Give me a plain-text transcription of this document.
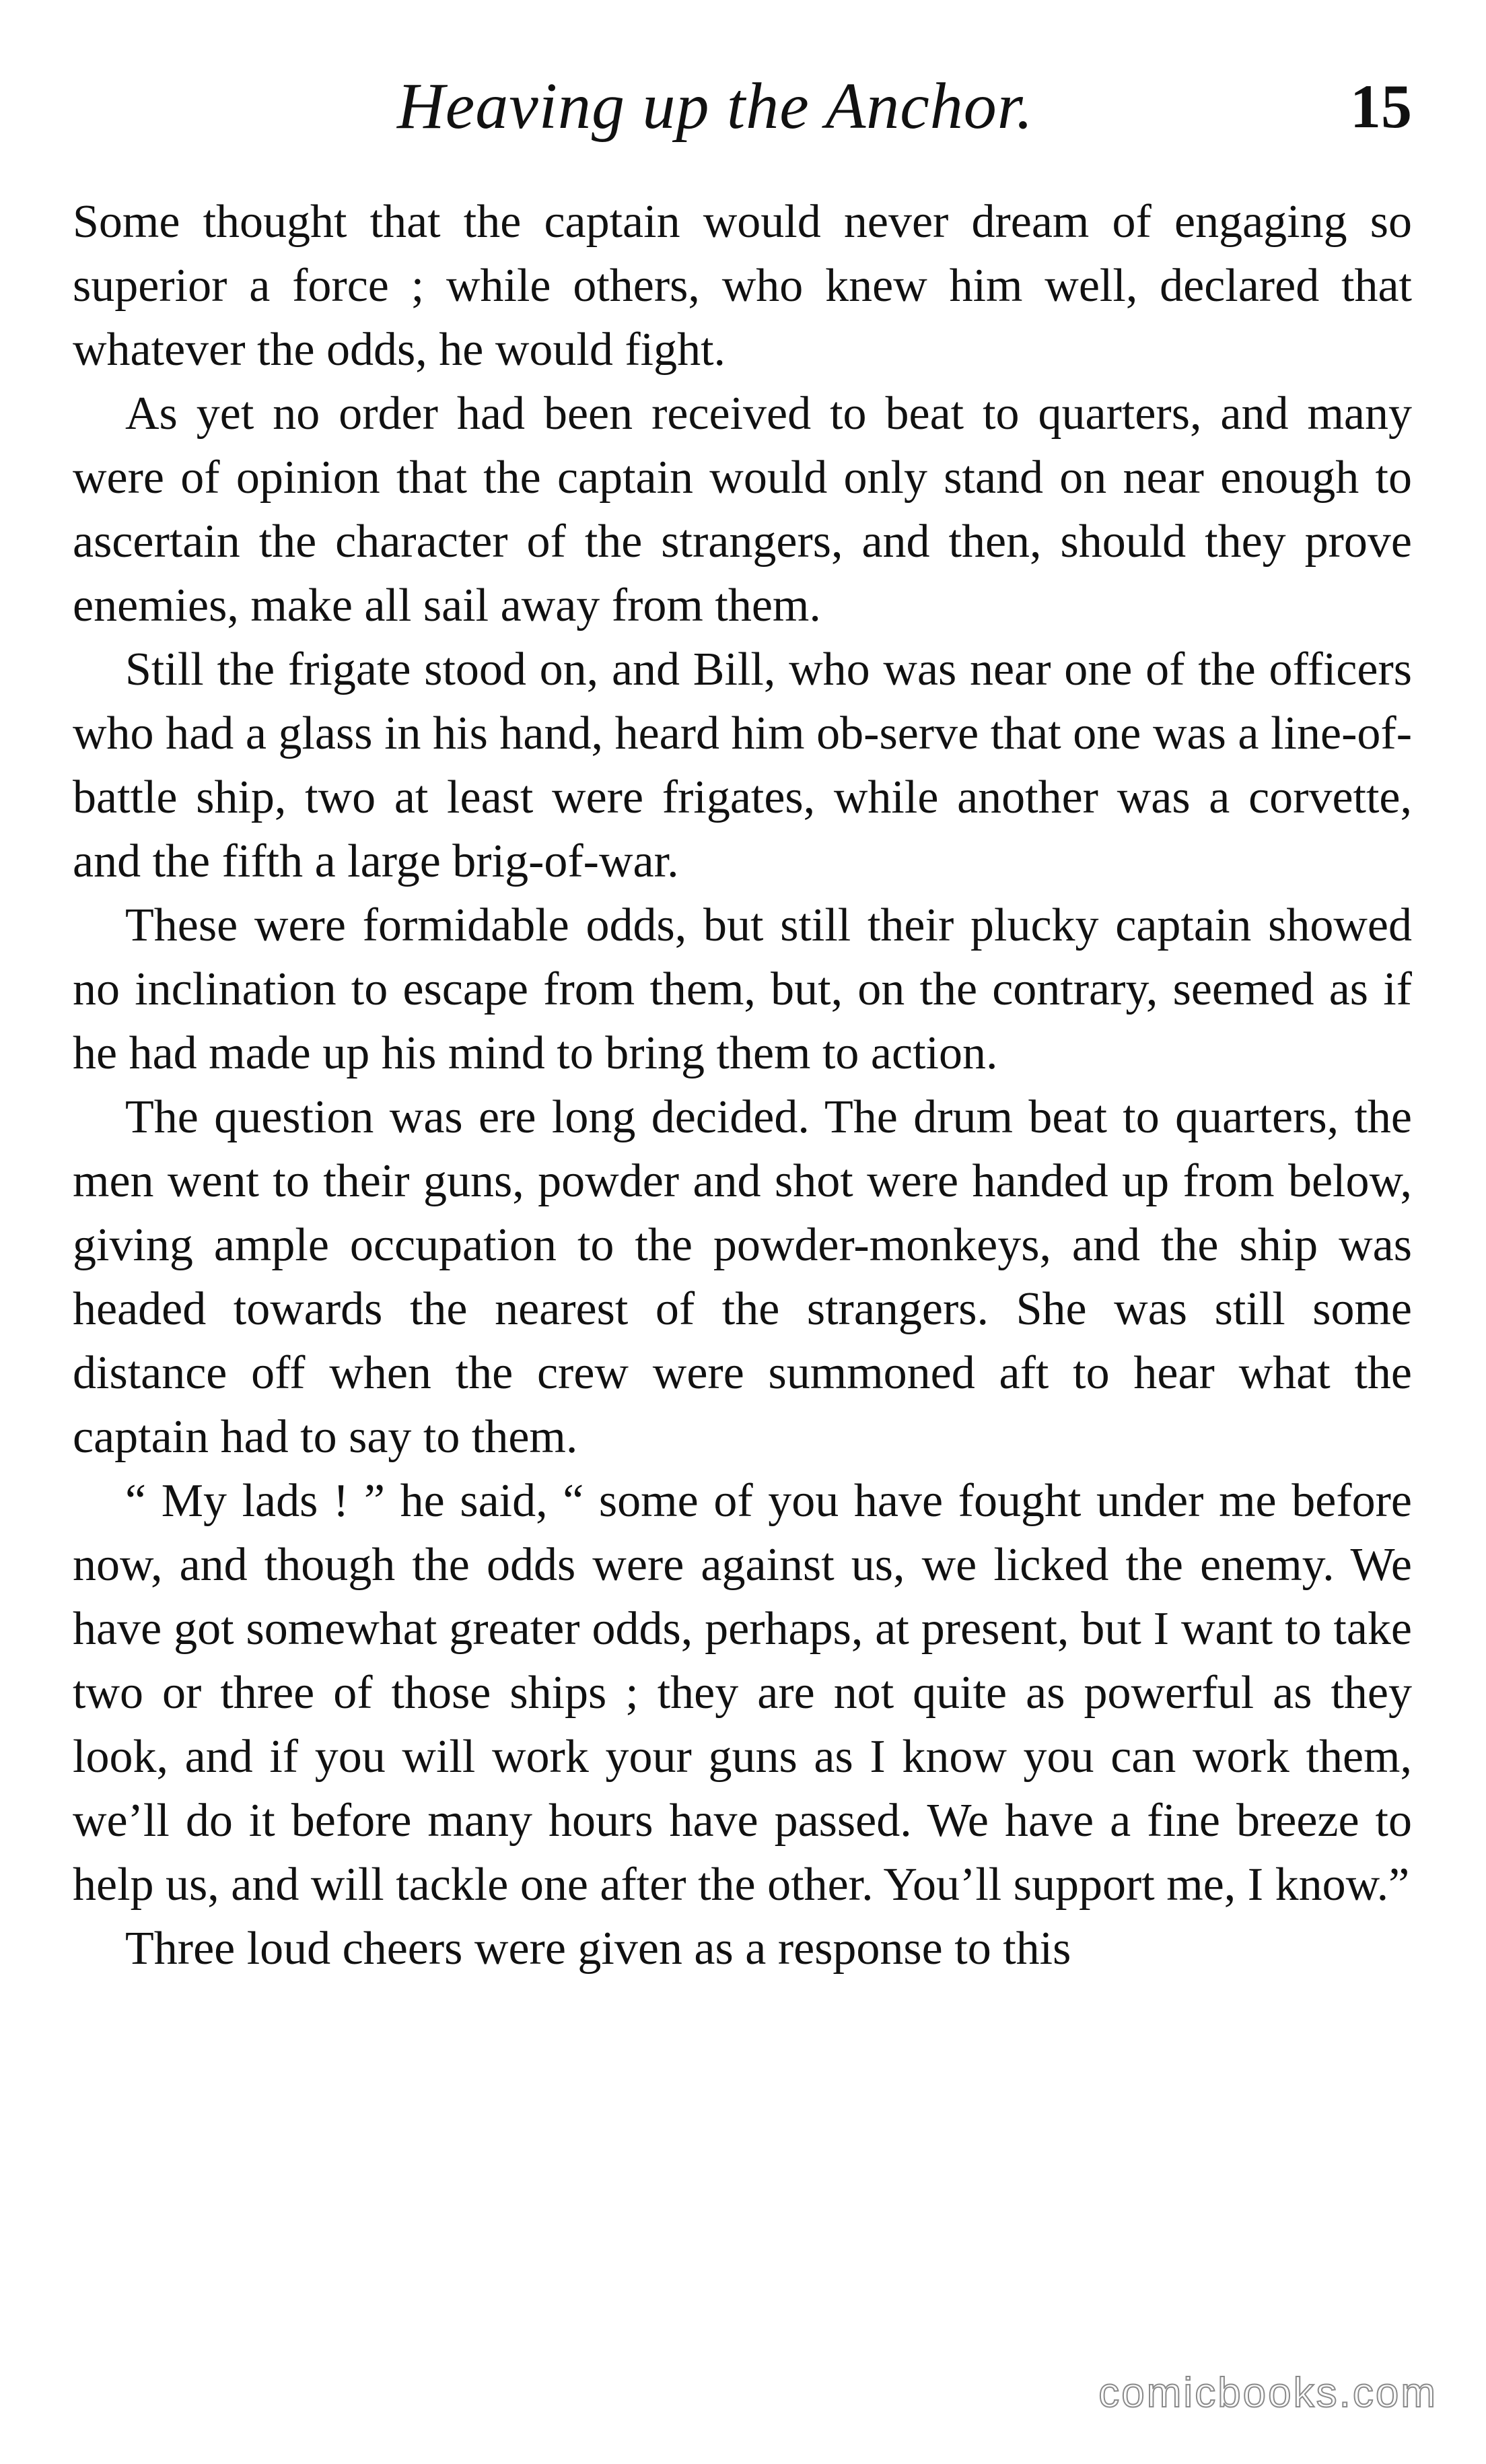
Heaving up the Anchor.	15

Some thought that the captain would never dream of engaging so superior a force ; while others, who knew him well, declared that whatever the odds, he would fight.

As yet no order had been received to beat to quarters, and many were of opinion that the captain would only stand on near enough to ascertain the character of the strangers, and then, should they prove enemies, make all sail away from them.

Still the frigate stood on, and Bill, who was near one of the officers who had a glass in his hand, heard him ob-serve that one was a line-of-battle ship, two at least were frigates, while another was a corvette, and the fifth a large brig-of-war.

These were formidable odds, but still their plucky captain showed no inclination to escape from them, but, on the contrary, seemed as if he had made up his mind to bring them to action.

The question was ere long decided. The drum beat to quarters, the men went to their guns, powder and shot were handed up from below, giving ample occupation to the powder-monkeys, and the ship was headed towards the nearest of the strangers. She was still some distance off when the crew were summoned aft to hear what the captain had to say to them.

“ My lads ! ” he said, “ some of you have fought under me before now, and though the odds were against us, we licked the enemy. We have got somewhat greater odds, perhaps, at present, but I want to take two or three of those ships ; they are not quite as powerful as they look, and if you will work your guns as I know you can work them, we’ll do it before many hours have passed. We have a fine breeze to help us, and will tackle one after the other. You’ll support me, I know.”

Three loud cheers were given as a response to this

comicbooks.com
